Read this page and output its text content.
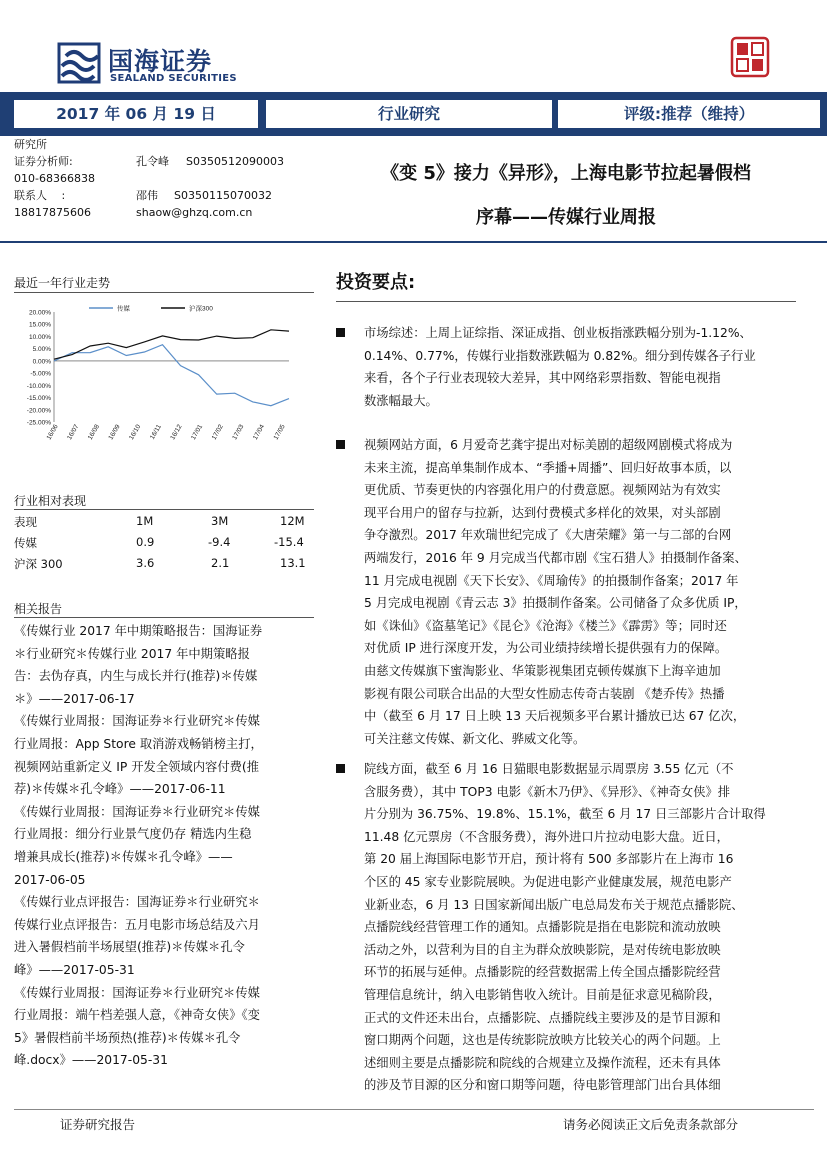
国海证券
SEALAND SECURITIES
2017 年 06 月 19 日	行业研究	评级:推荐（维持）
研究所
证券分析师:	孔令峰 S0350512090003
010-68366838
联系人 　:	邵伟 S0350115070032
18817875606	shaow@ghzq.com.cn
《变 5》接力《异形》，上海电影节拉起暑假档
序幕——传媒行业周报
最近一年行业走势
20.00%
15.00%
10.00%
5.00%
0.00%
-5.00%
-10.00%
-15.00%
-20.00%
-25.00%
16/06 16/07 16/08 16/09 16/10 16/11 16/12 17/01 17/02 17/03 17/04 17/05
传媒	沪深300
行业相对表现
表现	1M	3M	12M
传媒	0.9	-9.4	-15.4
沪深 300	3.6	2.1	13.1
相关报告

《传媒行业 2017 年中期策略报告：国海证券

＊行业研究＊传媒行业 2017 年中期策略报

告：去伪存真，内生与成长并行(推荐)＊传媒

＊》——2017-06-17

《传媒行业周报：国海证券＊行业研究＊传媒

行业周报：App Store 取消游戏畅销榜主打，

视频网站重新定义 IP 开发全领域内容付费(推

荐)＊传媒＊孔令峰》——2017-06-11

《传媒行业周报：国海证券＊行业研究＊传媒

行业周报：细分行业景气度仍存 精选内生稳

增兼具成长(推荐)＊传媒＊孔令峰》——

2017-06-05

《传媒行业点评报告：国海证券＊行业研究＊

传媒行业点评报告：五月电影市场总结及六月

进入暑假档前半场展望(推荐)＊传媒＊孔令

峰》——2017-05-31

《传媒行业周报：国海证券＊行业研究＊传媒

行业周报：端午档差强人意，《神奇女侠》《变

5》暑假档前半场预热(推荐)＊传媒＊孔令

峰.docx》——2017-05-31

投资要点:

市场综述：上周上证综指、深证成指、创业板指涨跌幅分别为-1.12%、

0.14%、0.77%，传媒行业指数涨跌幅为 0.82%。细分到传媒各子行业

来看，各个子行业表现较大差异，其中网络彩票指数、智能电视指

数涨幅最大。

视频网站方面，6 月爱奇艺龚宇提出对标美剧的超级网剧模式将成为

未来主流，提高单集制作成本、“季播+周播”、回归好故事本质，以

更优质、节奏更快的内容强化用户的付费意愿。视频网站为有效实

现平台用户的留存与拉新，达到付费模式多样化的效果，对头部剧

争夺激烈。2017 年欢瑞世纪完成了《大唐荣耀》第一与二部的台网

两端发行，2016 年 9 月完成当代都市剧《宝石猎人》拍摄制作备案、

11 月完成电视剧《天下长安》、《周瑜传》的拍摄制作备案；2017 年

5 月完成电视剧《青云志 3》拍摄制作备案。公司储备了众多优质 IP，

如《诛仙》《盗墓笔记》《昆仑》《沧海》《楼兰》《霹雳》等；同时还

对优质 IP 进行深度开发，为公司业绩持续增长提供强有力的保障。

由慈文传媒旗下蜜淘影业、华策影视集团克顿传媒旗下上海辛迪加

影视有限公司联合出品的大型女性励志传奇古装剧 《楚乔传》热播

中（截至 6 月 17 日上映 13 天后视频多平台累计播放已达 67 亿次，

可关注慈文传媒、新文化、骅威文化等。

院线方面，截至 6 月 16 日猫眼电影数据显示周票房 3.55 亿元（不

含服务费），其中 TOP3 电影《新木乃伊》、《异形》、《神奇女侠》排

片分别为 36.75%、19.8%、15.1%，截至 6 月 17 日三部影片合计取得

11.48 亿元票房（不含服务费），海外进口片拉动电影大盘。近日，

第 20 届上海国际电影节开启，预计将有 500 多部影片在上海市 16

个区的 45 家专业影院展映。为促进电影产业健康发展，规范电影产

业新业态，6 月 13 日国家新闻出版广电总局发布关于规范点播影院、

点播院线经营管理工作的通知。点播影院是指在电影院和流动放映

活动之外，以营利为目的自主为群众放映影院，是对传统电影放映

环节的拓展与延伸。点播影院的经营数据需上传全国点播影院经营

管理信息统计，纳入电影销售收入统计。目前是征求意见稿阶段，

正式的文件还未出台，点播影院、点播院线主要涉及的是节目源和

窗口期两个问题，这也是传统影院放映方比较关心的两个问题。上

述细则主要是点播影院和院线的合规建立及操作流程，还未有具体

的涉及节目源的区分和窗口期等问题，待电影管理部门出台具体细

证券研究报告	请务必阅读正文后免责条款部分
